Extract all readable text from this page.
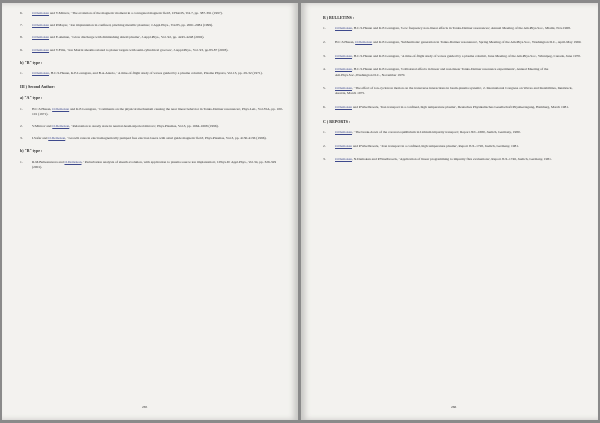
6.	O.Demokan and V.Mirnov, ' The evolution of the magnetic moment in a corrugated magnetic field', CHAOS, Vol.7, pp. 387-391 (1997).
7.	O.Demokan and P.Mayer, ' Ion implantation in confined, pinching metallic plasmas', J.Appl.Phys., Vol.85, pp. 2061-2084 (1999).
8.	O.Demokan and E.Akman, ' Glow discharge with diminishing shield plasma', J.Appl.Phys., Vol. 92, pp. 4245-4248 (2002).
9.	O.Demokan and V.Filiz, ' Ion Matrix sheaths related to planar targets with semi-cylindrical grooves', J.Appl.Phys., Vol. 93, pp.83-87 (2003).
b) "B" type :
1.	O.Demokan, H.C.S.Hsuan, K.E.Lonngren, and B.A.Aniolo, ' A time-of-flight study of waves guided by a plasma column', Plasma Physics, Vol.13, pp. 29-32 (1971).
III ) Second Author:
a) "A" type :
1.	H.C.S.Hsuan, O.Demokan and K.E.Lonngren, ' Comments on the physical mechanism causing the near linear behavior in Tonks-Dattner resonances', Phys.Lett., Vol.35A, pp. 100-101 (1971).
2.	V.Mirnov and O.Demokan, ' Relaxation to steady state in neutral-beam-injected mirrors', Phys.Plasmas, Vol.3, pp. 1664-1668 (1996).
3.	I.Safar and O.Demokan, ' Growth rates in electromagnetically pumped free electron lasers with axial guide magnetic field', Phys.Plasmas, Vol.3, pp. 4130-4136 (1996).
b) "B" type :
1.	R.M.Balteanuvera and O.Demokan, ' Perturbation analysis of sheath evolution, with application to plasma source ion implantation', J.Phys.D: Appl.Phys., Vol.34, pp. 326-329 (2001).
265
B ) BULLETINS :
1.	O.Demokan, H.C.S.Hsuan and K.E.Lonngren, 'Low frequency non-linear effects in Tonks-Dattner resonances', Annual Meeting of the Am.Phys.Soc., Miami, Nov.1968.
2.	H.C.S.Hsuan, O.Demokan and K.E.Lonngren, 'Subharmonic generation in Tonks-Dattner resonances', Spring Meeting of the Am.Phys.Soc., Washington D.C., April-May 1969.
3.	O.Demokan, H.C.S.Hsuan and K.E.Lonngren, ' A time-of-flight study of waves guided by a plasma column', June Meeting of the Am.Phys.Soc., Winnipeg, Canada, June 1970.
4.	O.Demokan, H.C.S.Hsuan and K.E.Lonngren, 'Collisional effects in linear and non-linear Tonks-Dattner resonance experiments', Annual Meeting of the Am.Phys.Soc.,Washington D.C., November 1970.
5.	O.Demokan, ' The effect of ion-cyclotron motion on the transverse interactions in beam-plasma systems', 2. International Congress on Waves and Instabilities, Innsbruck, Austria, March 1975.
6.	O.Demokan and P.Wuelbroeck, 'Iron transport in a confined, high temperature plasma', Deutsches Physikalisches Gesellschaft Physikertagung, Hamburg, March 1981.
C ) REPORTS :
1.	O.Demokan, ' The break-down of the coronal equilibrium in Lithium impurity transport', Report JUL-1680, Juelich, Germany, 1980.
2.	O.Demokan and P.Wuelbroeck, ' Iron transport in a confined, high temperature plasma', Report JUL-1720, Juelich, Germany, 1981.
3.	O.Demokan, N.Demokan and P.Wuelbroeck, ' Application of linear programming to impurity flux evaluations', Report JUL-1746, Juelich, Germany, 1981.
266
